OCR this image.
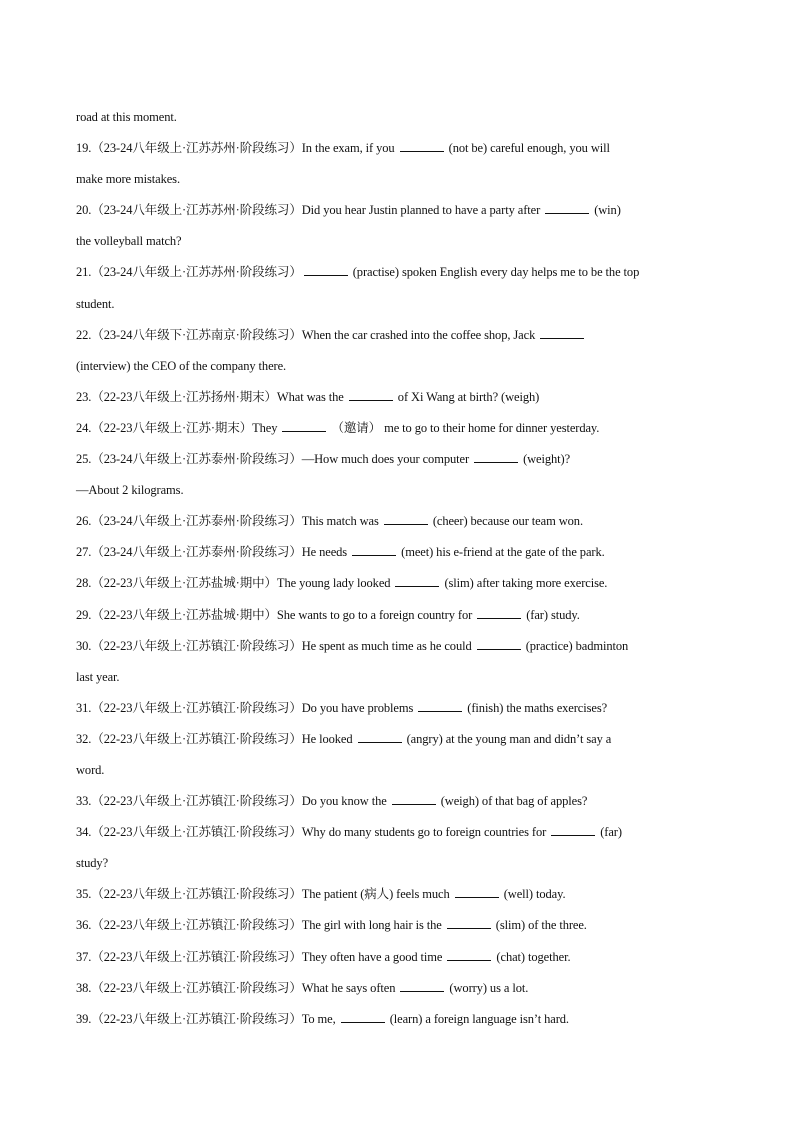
road at this moment.
19.（23-24八年级上·江苏苏州·阶段练习）In the exam, if you	(not be) careful enough, you will
make more mistakes.
20.（23-24八年级上·江苏苏州·阶段练习）Did you hear Justin planned to have a party after	(win)
the volleyball match?
21.（23-24八年级上·江苏苏州·阶段练习）	(practise) spoken English every day helps me to be the top
student.
22.（23-24八年级下·江苏南京·阶段练习）When the car crashed into the coffee shop, Jack
(interview) the CEO of the company there.
23.（22-23八年级上·江苏扬州·期末）What was the	of Xi Wang at birth? (weigh)
24.（22-23八年级上·江苏·期末）They	（邀请） me to go to their home for dinner yesterday.
25.（23-24八年级上·江苏泰州·阶段练习）—How much does your computer	(weight)?
—About 2 kilograms.
26.（23-24八年级上·江苏泰州·阶段练习）This match was	(cheer) because our team won.
27.（23-24八年级上·江苏泰州·阶段练习）He needs	(meet) his e-friend at the gate of the park.
28.（22-23八年级上·江苏盐城·期中）The young lady looked	(slim) after taking more exercise.
29.（22-23八年级上·江苏盐城·期中）She wants to go to a foreign country for	(far) study.
30.（22-23八年级上·江苏镇江·阶段练习）He spent as much time as he could	(practice) badminton
last year.
31.（22-23八年级上·江苏镇江·阶段练习）Do you have problems	(finish) the maths exercises?
32.（22-23八年级上·江苏镇江·阶段练习）He looked	(angry) at the young man and didn’t say a
word.
33.（22-23八年级上·江苏镇江·阶段练习）Do you know the	(weigh) of that bag of apples?
34.（22-23八年级上·江苏镇江·阶段练习）Why do many students go to foreign countries for	(far)
study?
35.（22-23八年级上·江苏镇江·阶段练习）The patient (病人) feels much	(well) today.
36.（22-23八年级上·江苏镇江·阶段练习）The girl with long hair is the	(slim) of the three.
37.（22-23八年级上·江苏镇江·阶段练习）They often have a good time	(chat) together.
38.（22-23八年级上·江苏镇江·阶段练习）What he says often	(worry) us a lot.
39.（22-23八年级上·江苏镇江·阶段练习）To me,	(learn) a foreign language isn’t hard.
